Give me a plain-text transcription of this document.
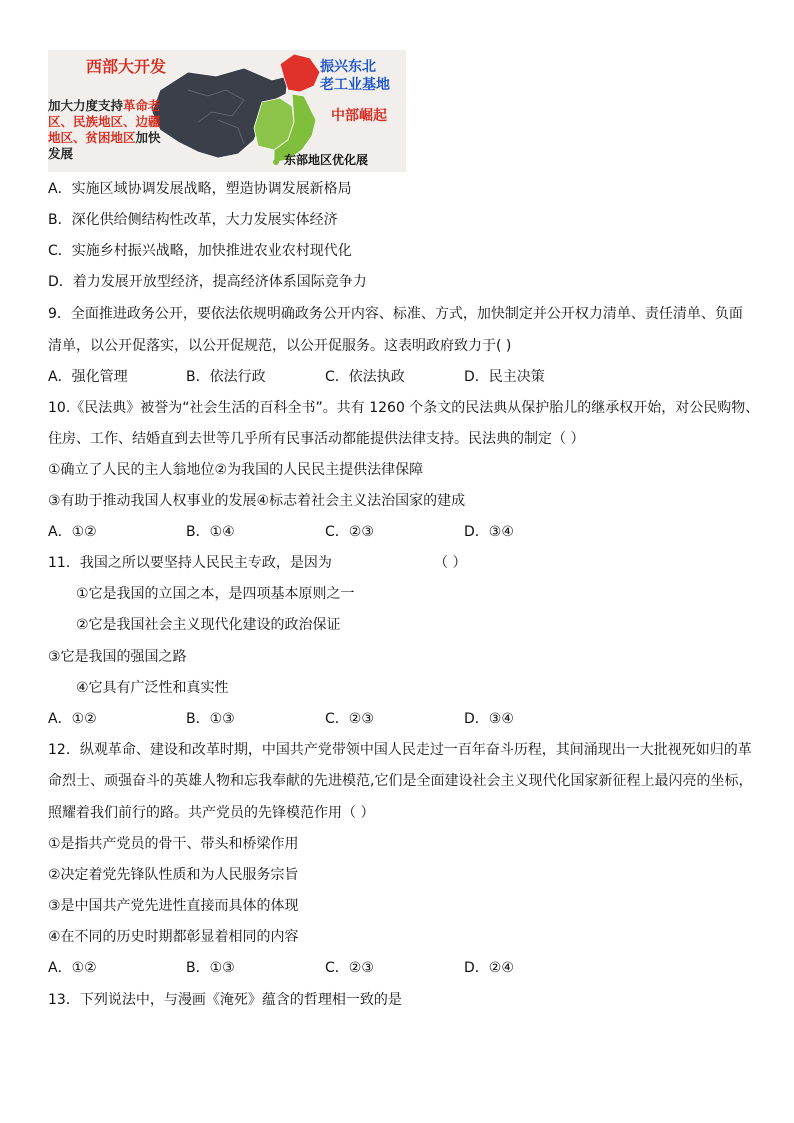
西部大开发
加大力度支持革命老区、民族地区、边疆地区、贫困地区加快发展
振兴东北
老工业基地
中部崛起
东部地区优化展
A．实施区域协调发展战略，塑造协调发展新格局
B．深化供给侧结构性改革，大力发展实体经济
C．实施乡村振兴战略，加快推进农业农村现代化
D．着力发展开放型经济，提高经济体系国际竞争力
9．全面推进政务公开，要依法依规明确政务公开内容、标准、方式，加快制定并公开权力清单、责任清单、负面
清单，以公开促落实，以公开促规范，以公开促服务。这表明政府致力于( )
A．强化管理	B．依法行政	C．依法执政	D．民主决策
10.《民法典》被誉为“社会生活的百科全书”。共有 1260 个条文的民法典从保护胎儿的继承权开始，对公民购物、
住房、工作、结婚直到去世等几乎所有民事活动都能提供法律支持。民法典的制定（ ）
①确立了人民的主人翁地位②为我国的人民民主提供法律保障
③有助于推动我国人权事业的发展④标志着社会主义法治国家的建成
A．①②	B．①④	C．②③	D．③④
11．我国之所以要坚持人民民主专政，是因为	（ ）
①它是我国的立国之本，是四项基本原则之一
②它是我国社会主义现代化建设的政治保证
③它是我国的强国之路
④它具有广泛性和真实性
A．①②	B．①③	C．②③	D．③④
12．纵观革命、建设和改革时期，中国共产党带领中国人民走过一百年奋斗历程，其间涌现出一大批视死如归的革
命烈士、顽强奋斗的英雄人物和忘我奉献的先进模范,它们是全面建设社会主义现代化国家新征程上最闪亮的坐标，
照耀着我们前行的路。共产党员的先锋模范作用（ ）
①是指共产党员的骨干、带头和桥梁作用
②决定着党先锋队性质和为人民服务宗旨
③是中国共产党先进性直接而具体的体现
④在不同的历史时期都彰显着相同的内容
A．①②	B．①③	C．②③	D．②④
13．下列说法中，与漫画《淹死》蕴含的哲理相一致的是
